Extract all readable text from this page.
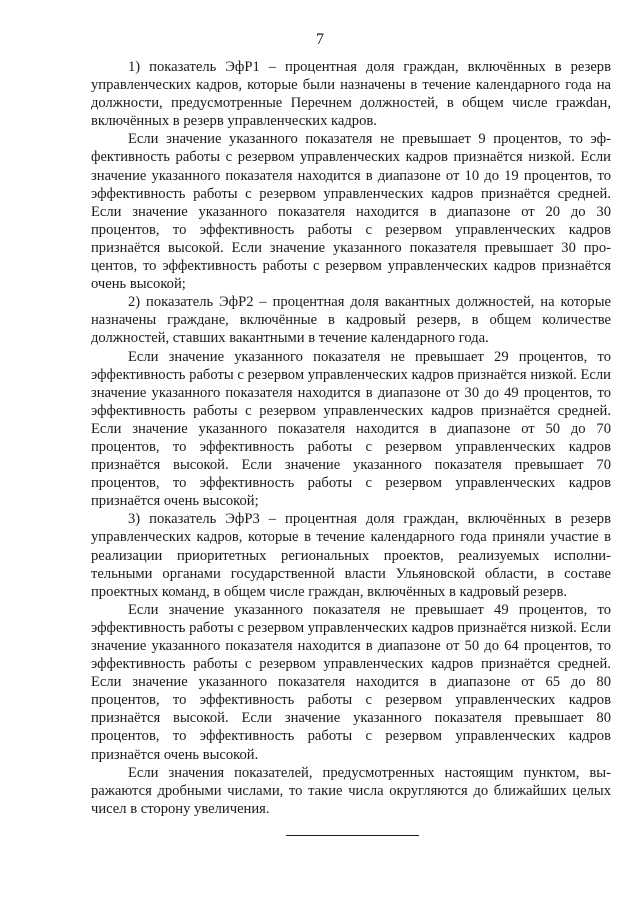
7

1) показатель ЭфР1 – процентная доля граждан, включённых в резерв управленческих кадров, которые были назначены в течение календарного года на должности, предусмотренные Перечнем должностей, в общем числе гражdан, включённых в резерв управленческих кадров.

Если значение указанного показателя не превышает 9 процентов, то эффективность работы с резервом управленческих кадров признаётся низкой. Если значение указанного показателя находится в диапазоне от 10 до 19 процентов, то эффективность работы с резервом управленческих кадров признаётся средней. Если значение указанного показателя находится в диапазоне от 20 до 30 процентов, то эффективность работы с резервом управленческих кадров признаётся высокой. Если значение указанного показателя превышает 30 процентов, то эффективность работы с резервом управленческих кадров признаётся очень высокой;

2) показатель ЭфР2 – процентная доля вакантных должностей, на которые назначены граждане, включённые в кадровый резерв, в общем количестве должностей, ставших вакантными в течение календарного года.

Если значение указанного показателя не превышает 29 процентов, то эффективность работы с резервом управленческих кадров признаётся низкой. Если значение указанного показателя находится в диапазоне от 30 до 49 процентов, то эффективность работы с резервом управленческих кадров признаётся средней. Если значение указанного показателя находится в диапазоне от 50 до 70 процентов, то эффективность работы с резервом управленческих кадров признаётся высокой. Если значение указанного показателя превышает 70 процентов, то эффективность работы с резервом управленческих кадров признаётся очень высокой;

3) показатель ЭфР3 – процентная доля граждан, включённых в резерв управленческих кадров, которые в течение календарного года приняли участие в реализации приоритетных региональных проектов, реализуемых исполнительными органами государственной власти Ульяновской области, в составе проектных команд, в общем числе граждан, включённых в кадровый резерв.

Если значение указанного показателя не превышает 49 процентов, то эффективность работы с резервом управленческих кадров признаётся низкой. Если значение указанного показателя находится в диапазоне от 50 до 64 процентов, то эффективность работы с резервом управленческих кадров признаётся средней. Если значение указанного показателя находится в диапазоне от 65 до 80 процентов, то эффективность работы с резервом управленческих кадров признаётся высокой. Если значение указанного показателя превышает 80 процентов, то эффективность работы с резервом управленческих кадров признаётся очень высокой.

Если значения показателей, предусмотренных настоящим пунктом, выражаются дробными числами, то такие числа округляются до ближайших целых чисел в сторону увеличения.
